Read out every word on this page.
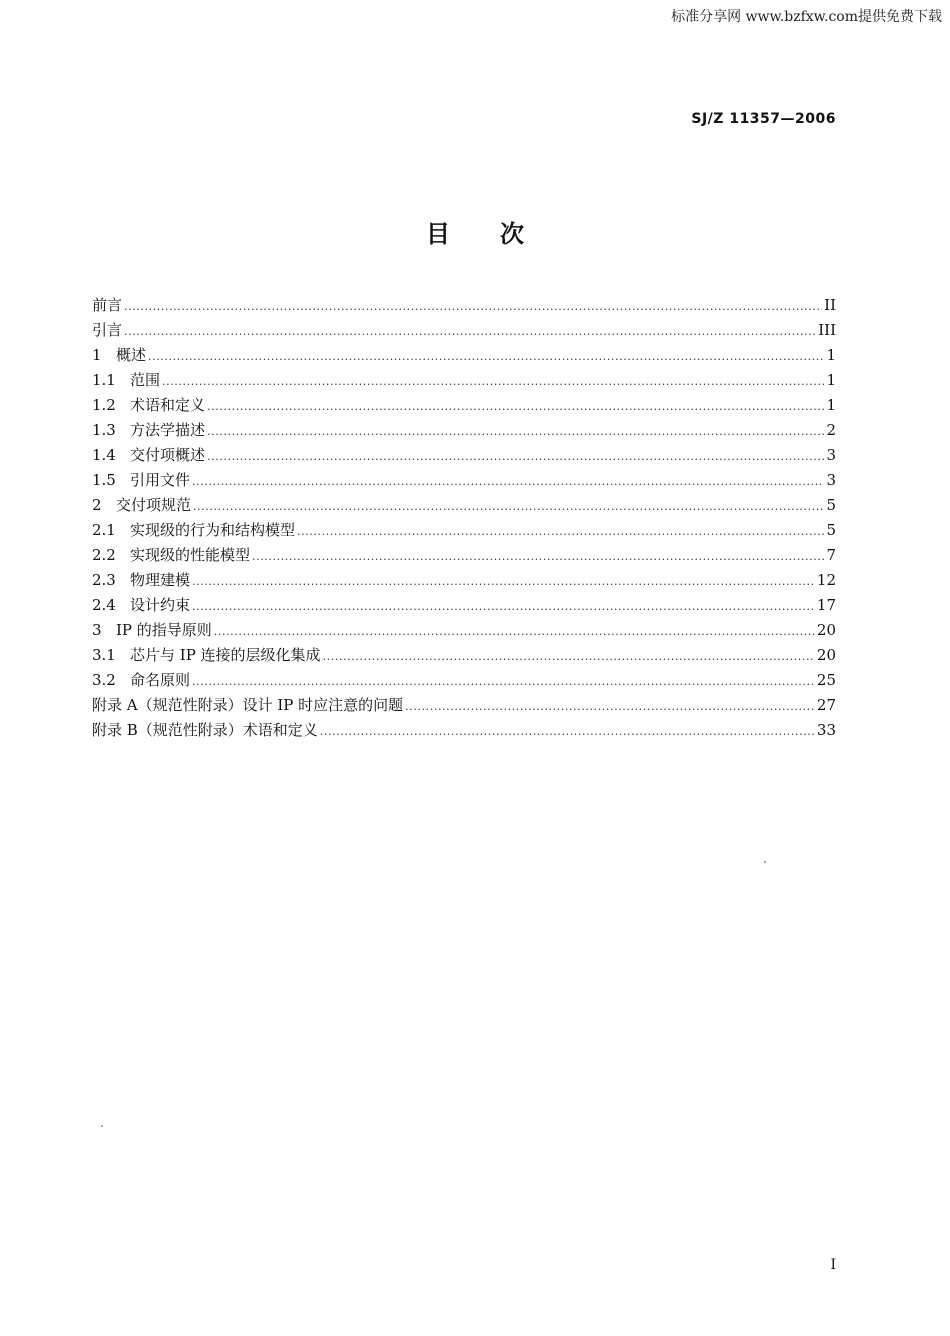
标准分享网 www.bzfxw.com提供免费下载
SJ/Z 11357—2006
目次
前言 .....	II
引言 .....	III
1 概述 .....	1
1.1 范围 .....	1
1.2 术语和定义 .....	1
1.3 方法学描述 .....	2
1.4 交付项概述 .....	3
1.5 引用文件 .....	3
2 交付项规范 .....	5
2.1 实现级的行为和结构模型 .....	5
2.2 实现级的性能模型 .....	7
2.3 物理建模 .....	12
2.4 设计约束 .....	17
3 IP 的指导原则 .....	20
3.1 芯片与 IP 连接的层级化集成 .....	20
3.2 命名原则 .....	25
附录 A（规范性附录）设计 IP 时应注意的问题 .....	27
附录 B（规范性附录）术语和定义 .....	33
I
